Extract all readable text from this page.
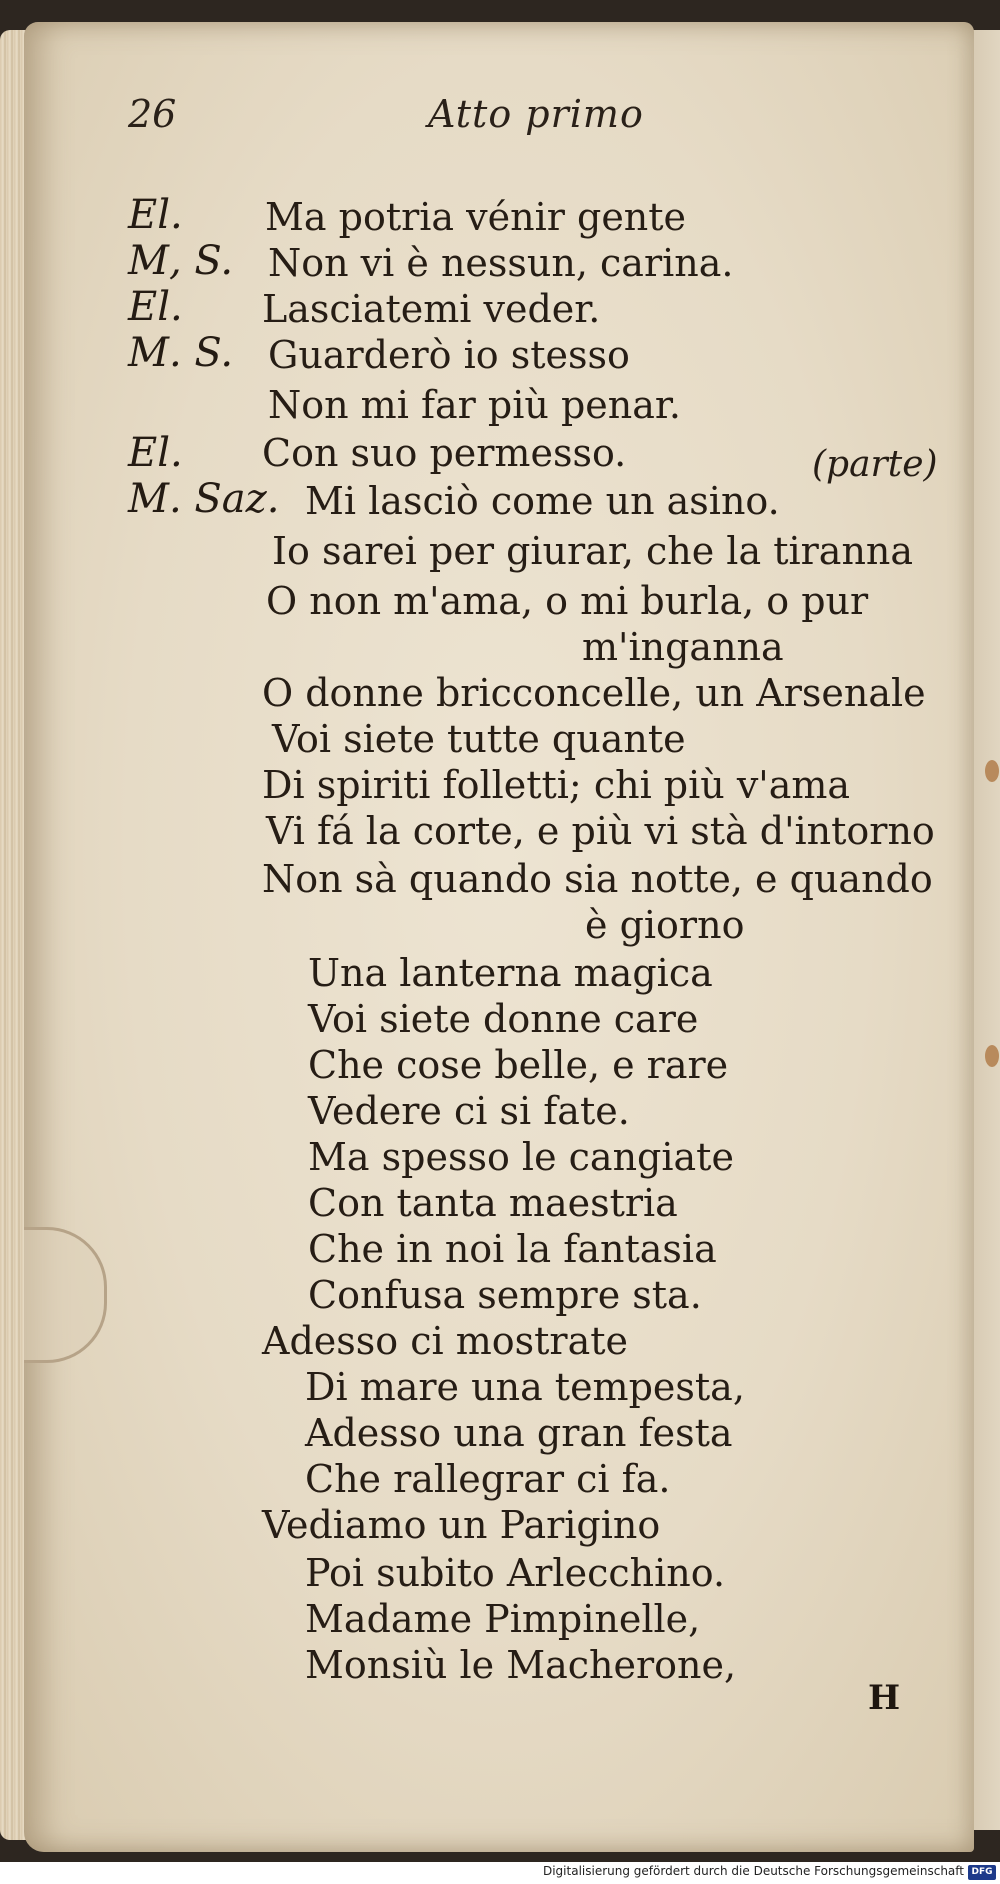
26	Atto primo
El.
M, S.
El.
M. S.
El.
M. Saz.
Ma potria vénir gente
Non vi è nessun, carina.
Lasciatemi veder.
Guarderò io stesso
Non mi far più penar.
Con suo permesso.	(parte)
Mi lasciò come un asino.
Io sarei per giurar, che la tiranna
O non m'ama, o mi burla, o pur
m'inganna
O donne bricconcelle, un Arsenale
Voi siete tutte quante
Di spiriti folletti; chi più v'ama
Vi fá la corte, e più vi stà d'intorno
Non sà quando sia notte, e quando
è giorno
Una lanterna magica
Voi siete donne care
Che cose belle, e rare
Vedere ci si fate.
Ma spesso le cangiate
Con tanta maestria
Che in noi la fantasia
Confusa sempre sta.
Adesso ci mostrate
Di mare una tempesta,
Adesso una gran festa
Che rallegrar ci fa.
Vediamo un Parigino
Poi subito Arlecchino.
Madame Pimpinelle,
Monsiù le Macherone,
H
Digitalisierung gefördert durch die Deutsche Forschungsgemeinschaft DFG
